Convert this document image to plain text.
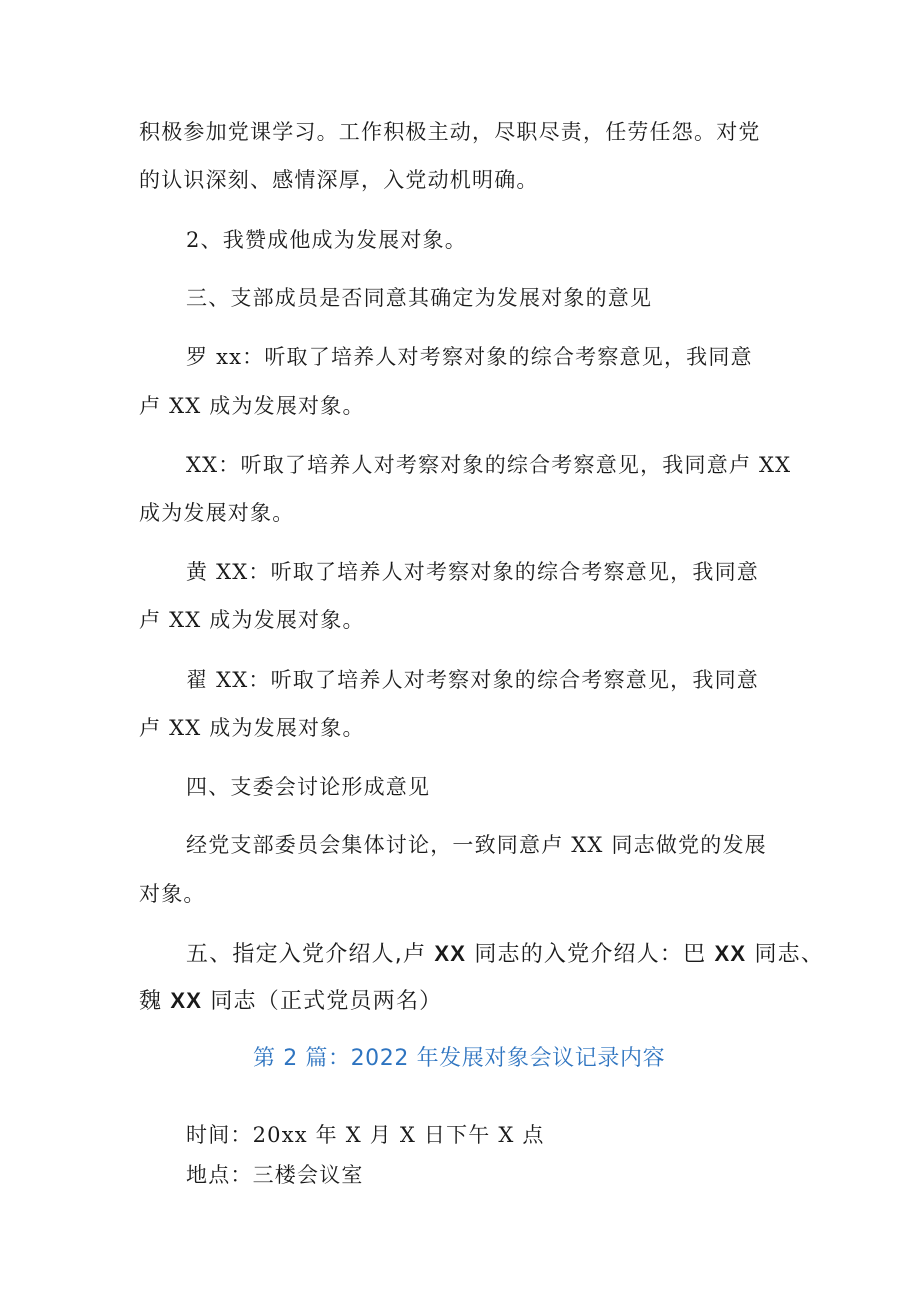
积极参加党课学习。工作积极主动，尽职尽责，任劳任怨。对党
的认识深刻、感情深厚，入党动机明确。
2、我赞成他成为发展对象。
三、支部成员是否同意其确定为发展对象的意见
罗 xx：听取了培养人对考察对象的综合考察意见，我同意
卢 XX 成为发展对象。
XX：听取了培养人对考察对象的综合考察意见，我同意卢 XX
成为发展对象。
黄 XX：听取了培养人对考察对象的综合考察意见，我同意
卢 XX 成为发展对象。
翟 XX：听取了培养人对考察对象的综合考察意见，我同意
卢 XX 成为发展对象。
四、支委会讨论形成意见
经党支部委员会集体讨论，一致同意卢 XX 同志做党的发展
对象。
五、指定入党介绍人,卢 XX 同志的入党介绍人：巴 XX 同志、
魏 XX 同志（正式党员两名）
第 2 篇：2022 年发展对象会议记录内容
时间：20xx 年 X 月 X 日下午 X 点
地点：三楼会议室
